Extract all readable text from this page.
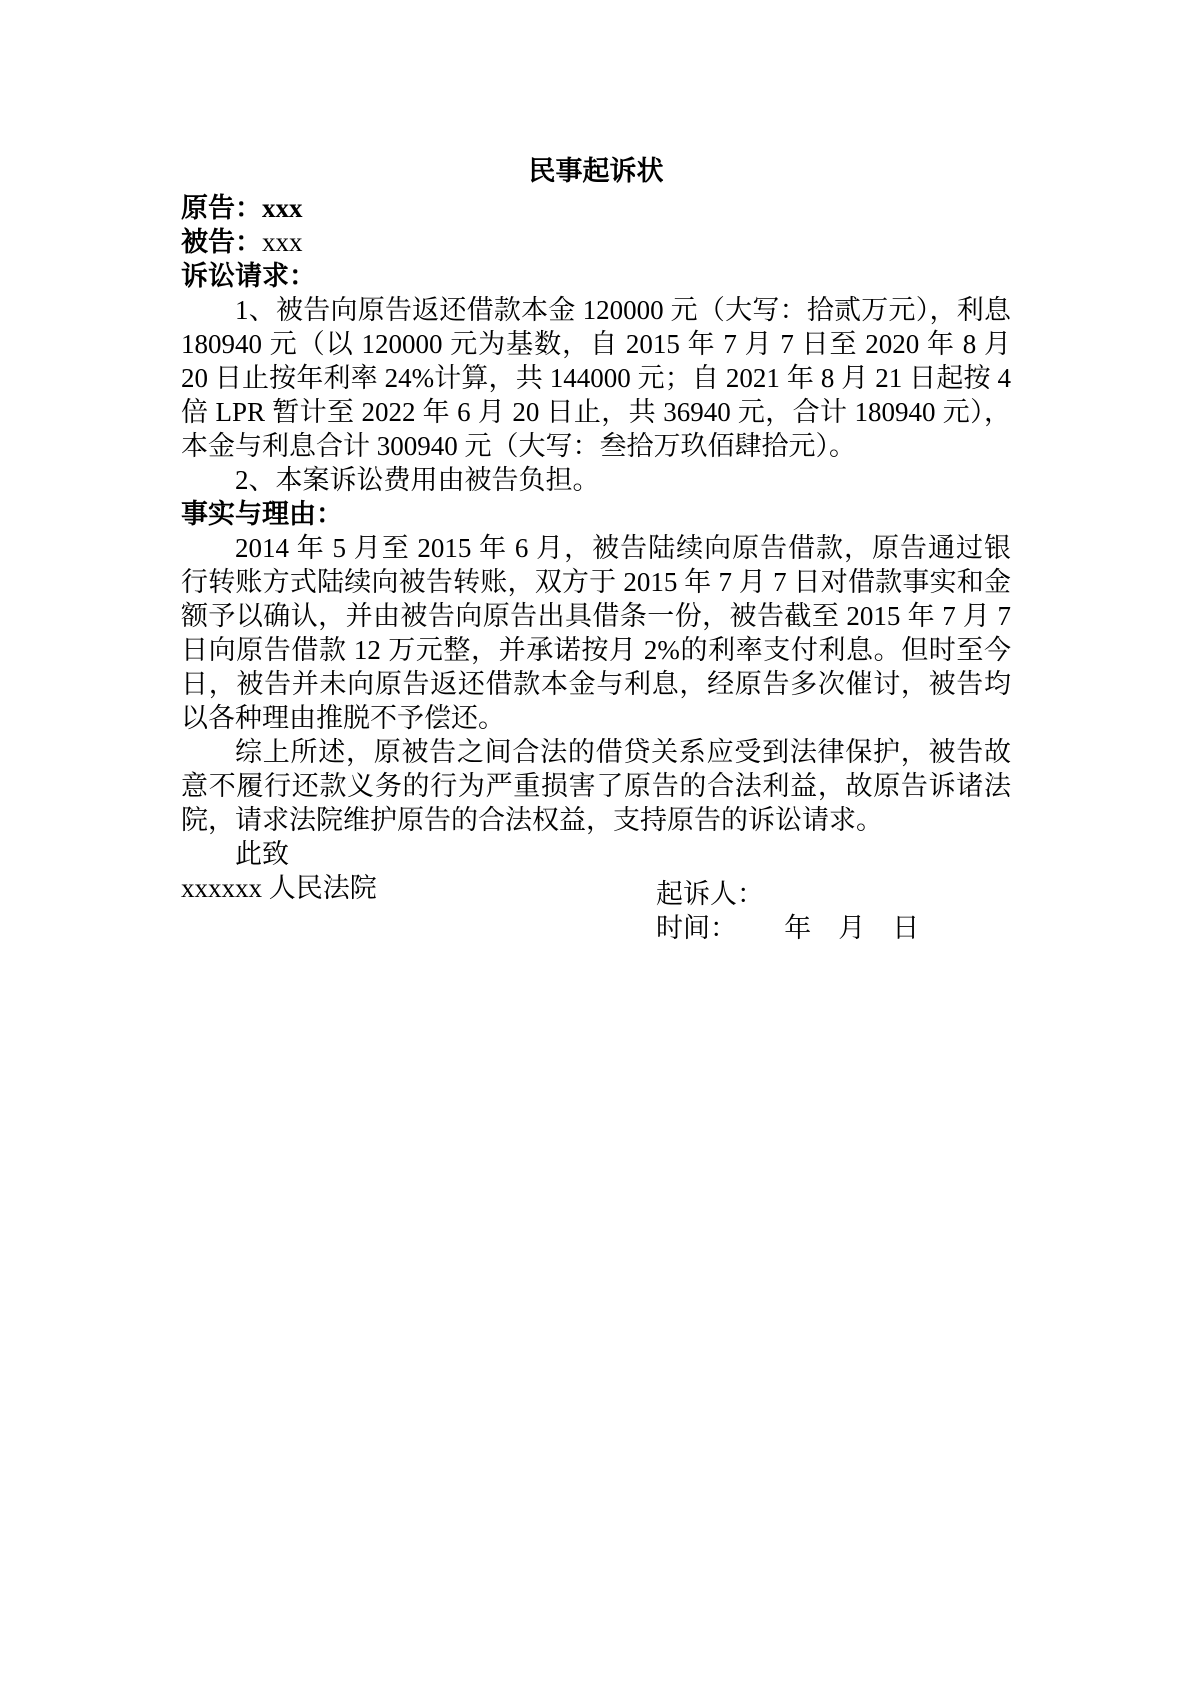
民事起诉状

原告：xxx

被告：xxx

诉讼请求：

1、被告向原告返还借款本金 120000 元（大写：拾贰万元），利息 180940 元（以 120000 元为基数，自 2015 年 7 月 7 日至 2020 年 8 月 20 日止按年利率 24%计算，共 144000 元；自 2021 年 8 月 21 日起按 4 倍 LPR 暂计至 2022 年 6 月 20 日止，共 36940 元，合计 180940 元），本金与利息合计 300940 元（大写：叁拾万玖佰肆拾元）。

2、本案诉讼费用由被告负担。

事实与理由：

2014 年 5 月至 2015 年 6 月，被告陆续向原告借款，原告通过银行转账方式陆续向被告转账，双方于 2015 年 7 月 7 日对借款事实和金额予以确认，并由被告向原告出具借条一份，被告截至 2015 年 7 月 7 日向原告借款 12 万元整，并承诺按月 2%的利率支付利息。但时至今日，被告并未向原告返还借款本金与利息，经原告多次催讨，被告均以各种理由推脱不予偿还。

综上所述，原被告之间合法的借贷关系应受到法律保护，被告故意不履行还款义务的行为严重损害了原告的合法利益，故原告诉诸法院，请求法院维护原告的合法权益，支持原告的诉讼请求。

此致

xxxxxx 人民法院	起诉人：

时间：       年    月    日
